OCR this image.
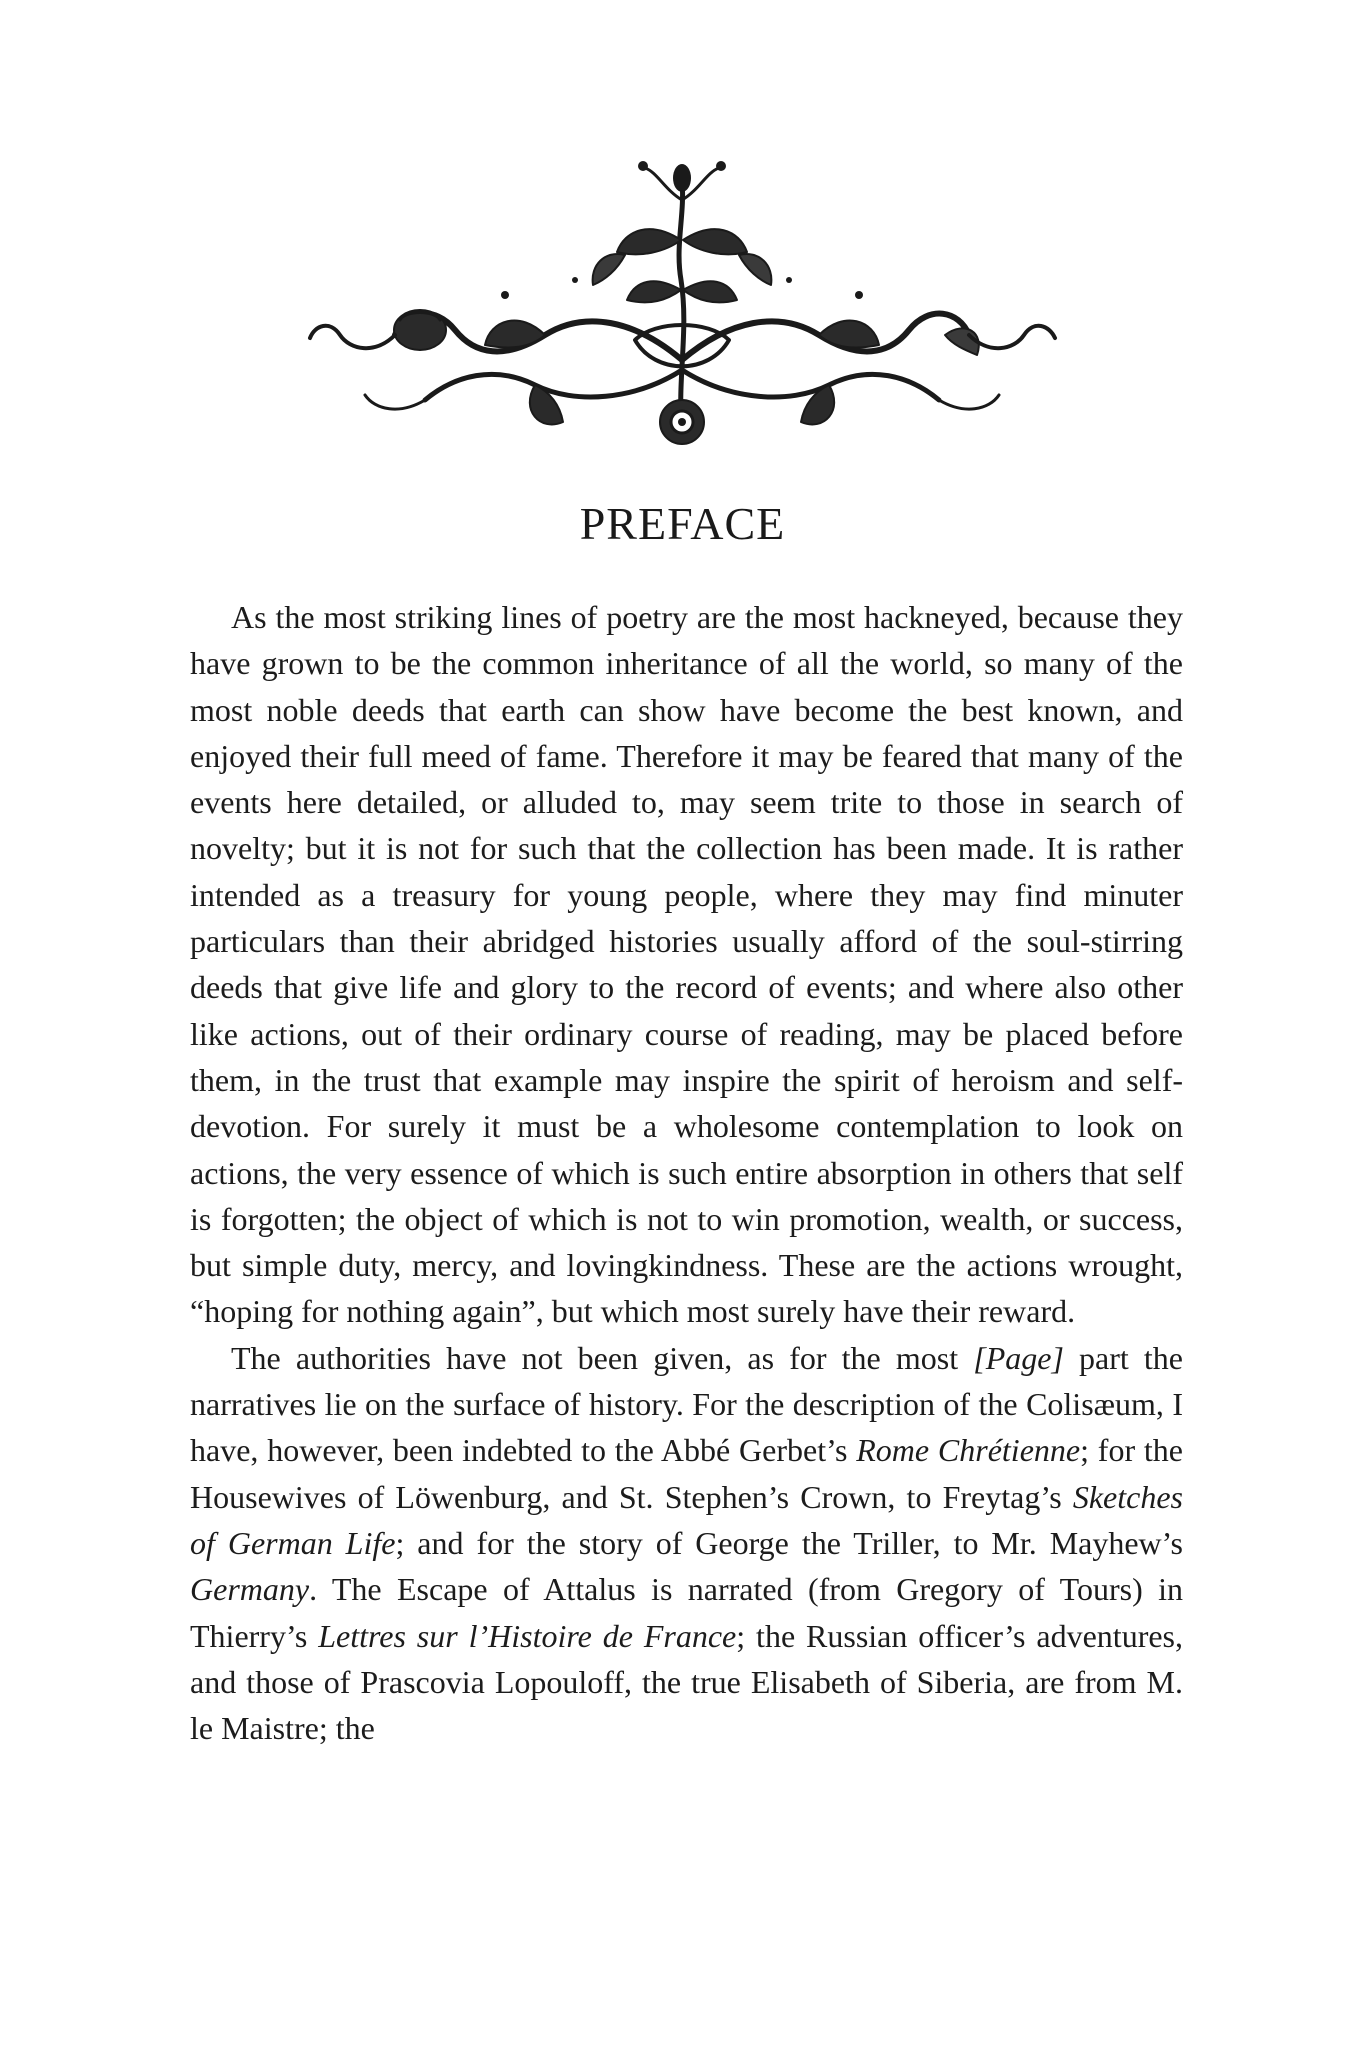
PREFACE

As the most striking lines of poetry are the most hackneyed, because they have grown to be the common inheritance of all the world, so many of the most noble deeds that earth can show have become the best known, and enjoyed their full meed of fame. Therefore it may be feared that many of the events here detailed, or alluded to, may seem trite to those in search of novelty; but it is not for such that the collection has been made. It is rather intended as a treasury for young people, where they may find minuter particulars than their abridged histories usually afford of the soul-stirring deeds that give life and glory to the record of events; and where also other like actions, out of their ordinary course of reading, may be placed before them, in the trust that example may inspire the spirit of heroism and self-devotion. For surely it must be a wholesome contemplation to look on actions, the very essence of which is such entire absorption in others that self is forgotten; the object of which is not to win promotion, wealth, or success, but simple duty, mercy, and lovingkindness. These are the actions wrought, “hoping for nothing again”, but which most surely have their reward.

The authorities have not been given, as for the most [Page] part the narratives lie on the surface of history. For the description of the Colisæum, I have, however, been indebted to the Abbé Gerbet’s Rome Chrétienne; for the Housewives of Löwenburg, and St. Stephen’s Crown, to Freytag’s Sketches of German Life; and for the story of George the Triller, to Mr. Mayhew’s Germany. The Escape of Attalus is narrated (from Gregory of Tours) in Thierry’s Lettres sur l’Histoire de France; the Russian officer’s adventures, and those of Prascovia Lopouloff, the true Elisabeth of Siberia, are from M. le Maistre; the
